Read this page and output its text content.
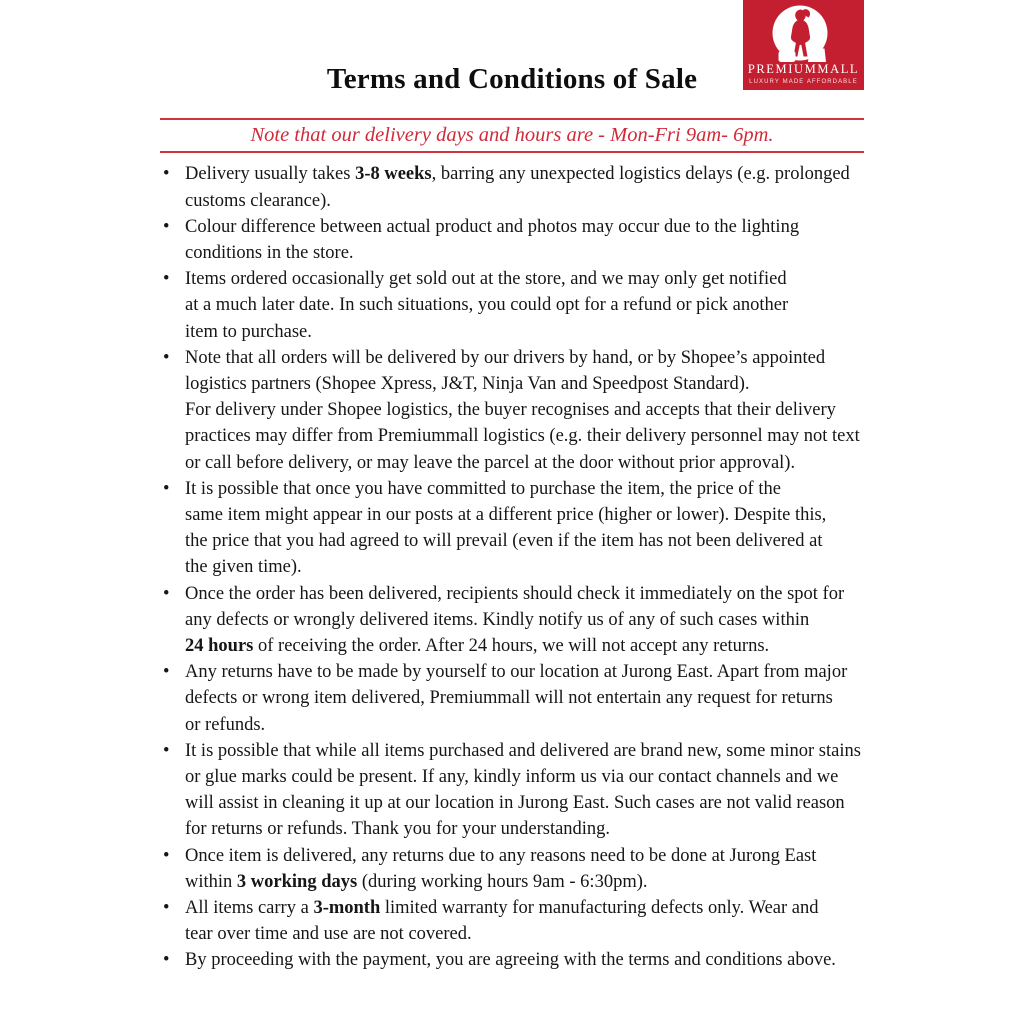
Terms and Conditions of Sale
Note that our delivery days and hours are - Mon-Fri 9am- 6pm.
• Delivery usually takes 3-8 weeks, barring any unexpected logistics delays (e.g. prolonged
customs clearance).
• Colour difference between actual product and photos may occur due to the lighting
conditions in the store.
• Items ordered occasionally get sold out at the store, and we may only get notified
at a much later date. In such situations, you could opt for a refund or pick another
item to purchase.
• Note that all orders will be delivered by our drivers by hand, or by Shopee’s appointed
logistics partners (Shopee Xpress, J&T, Ninja Van and Speedpost Standard).
For delivery under Shopee logistics, the buyer recognises and accepts that their delivery
practices may differ from Premiummall logistics (e.g. their delivery personnel may not text
or call before delivery, or may leave the parcel at the door without prior approval).
• It is possible that once you have committed to purchase the item, the price of the
same item might appear in our posts at a different price (higher or lower). Despite this,
the price that you had agreed to will prevail (even if the item has not been delivered at
the given time).
• Once the order has been delivered, recipients should check it immediately on the spot for
any defects or wrongly delivered items. Kindly notify us of any of such cases within
24 hours of receiving the order. After 24 hours, we will not accept any returns.
• Any returns have to be made by yourself to our location at Jurong East. Apart from major
defects or wrong item delivered, Premiummall will not entertain any request for returns
or refunds.
• It is possible that while all items purchased and delivered are brand new, some minor stains
or glue marks could be present. If any, kindly inform us via our contact channels and we
will assist in cleaning it up at our location in Jurong East. Such cases are not valid reason
for returns or refunds. Thank you for your understanding.
• Once item is delivered, any returns due to any reasons need to be done at Jurong East
within 3 working days (during working hours 9am - 6:30pm).
• All items carry a 3-month limited warranty for manufacturing defects only. Wear and
tear over time and use are not covered.
• By proceeding with the payment, you are agreeing with the terms and conditions above.
PREMIUMMALL
LUXURY MADE AFFORDABLE
